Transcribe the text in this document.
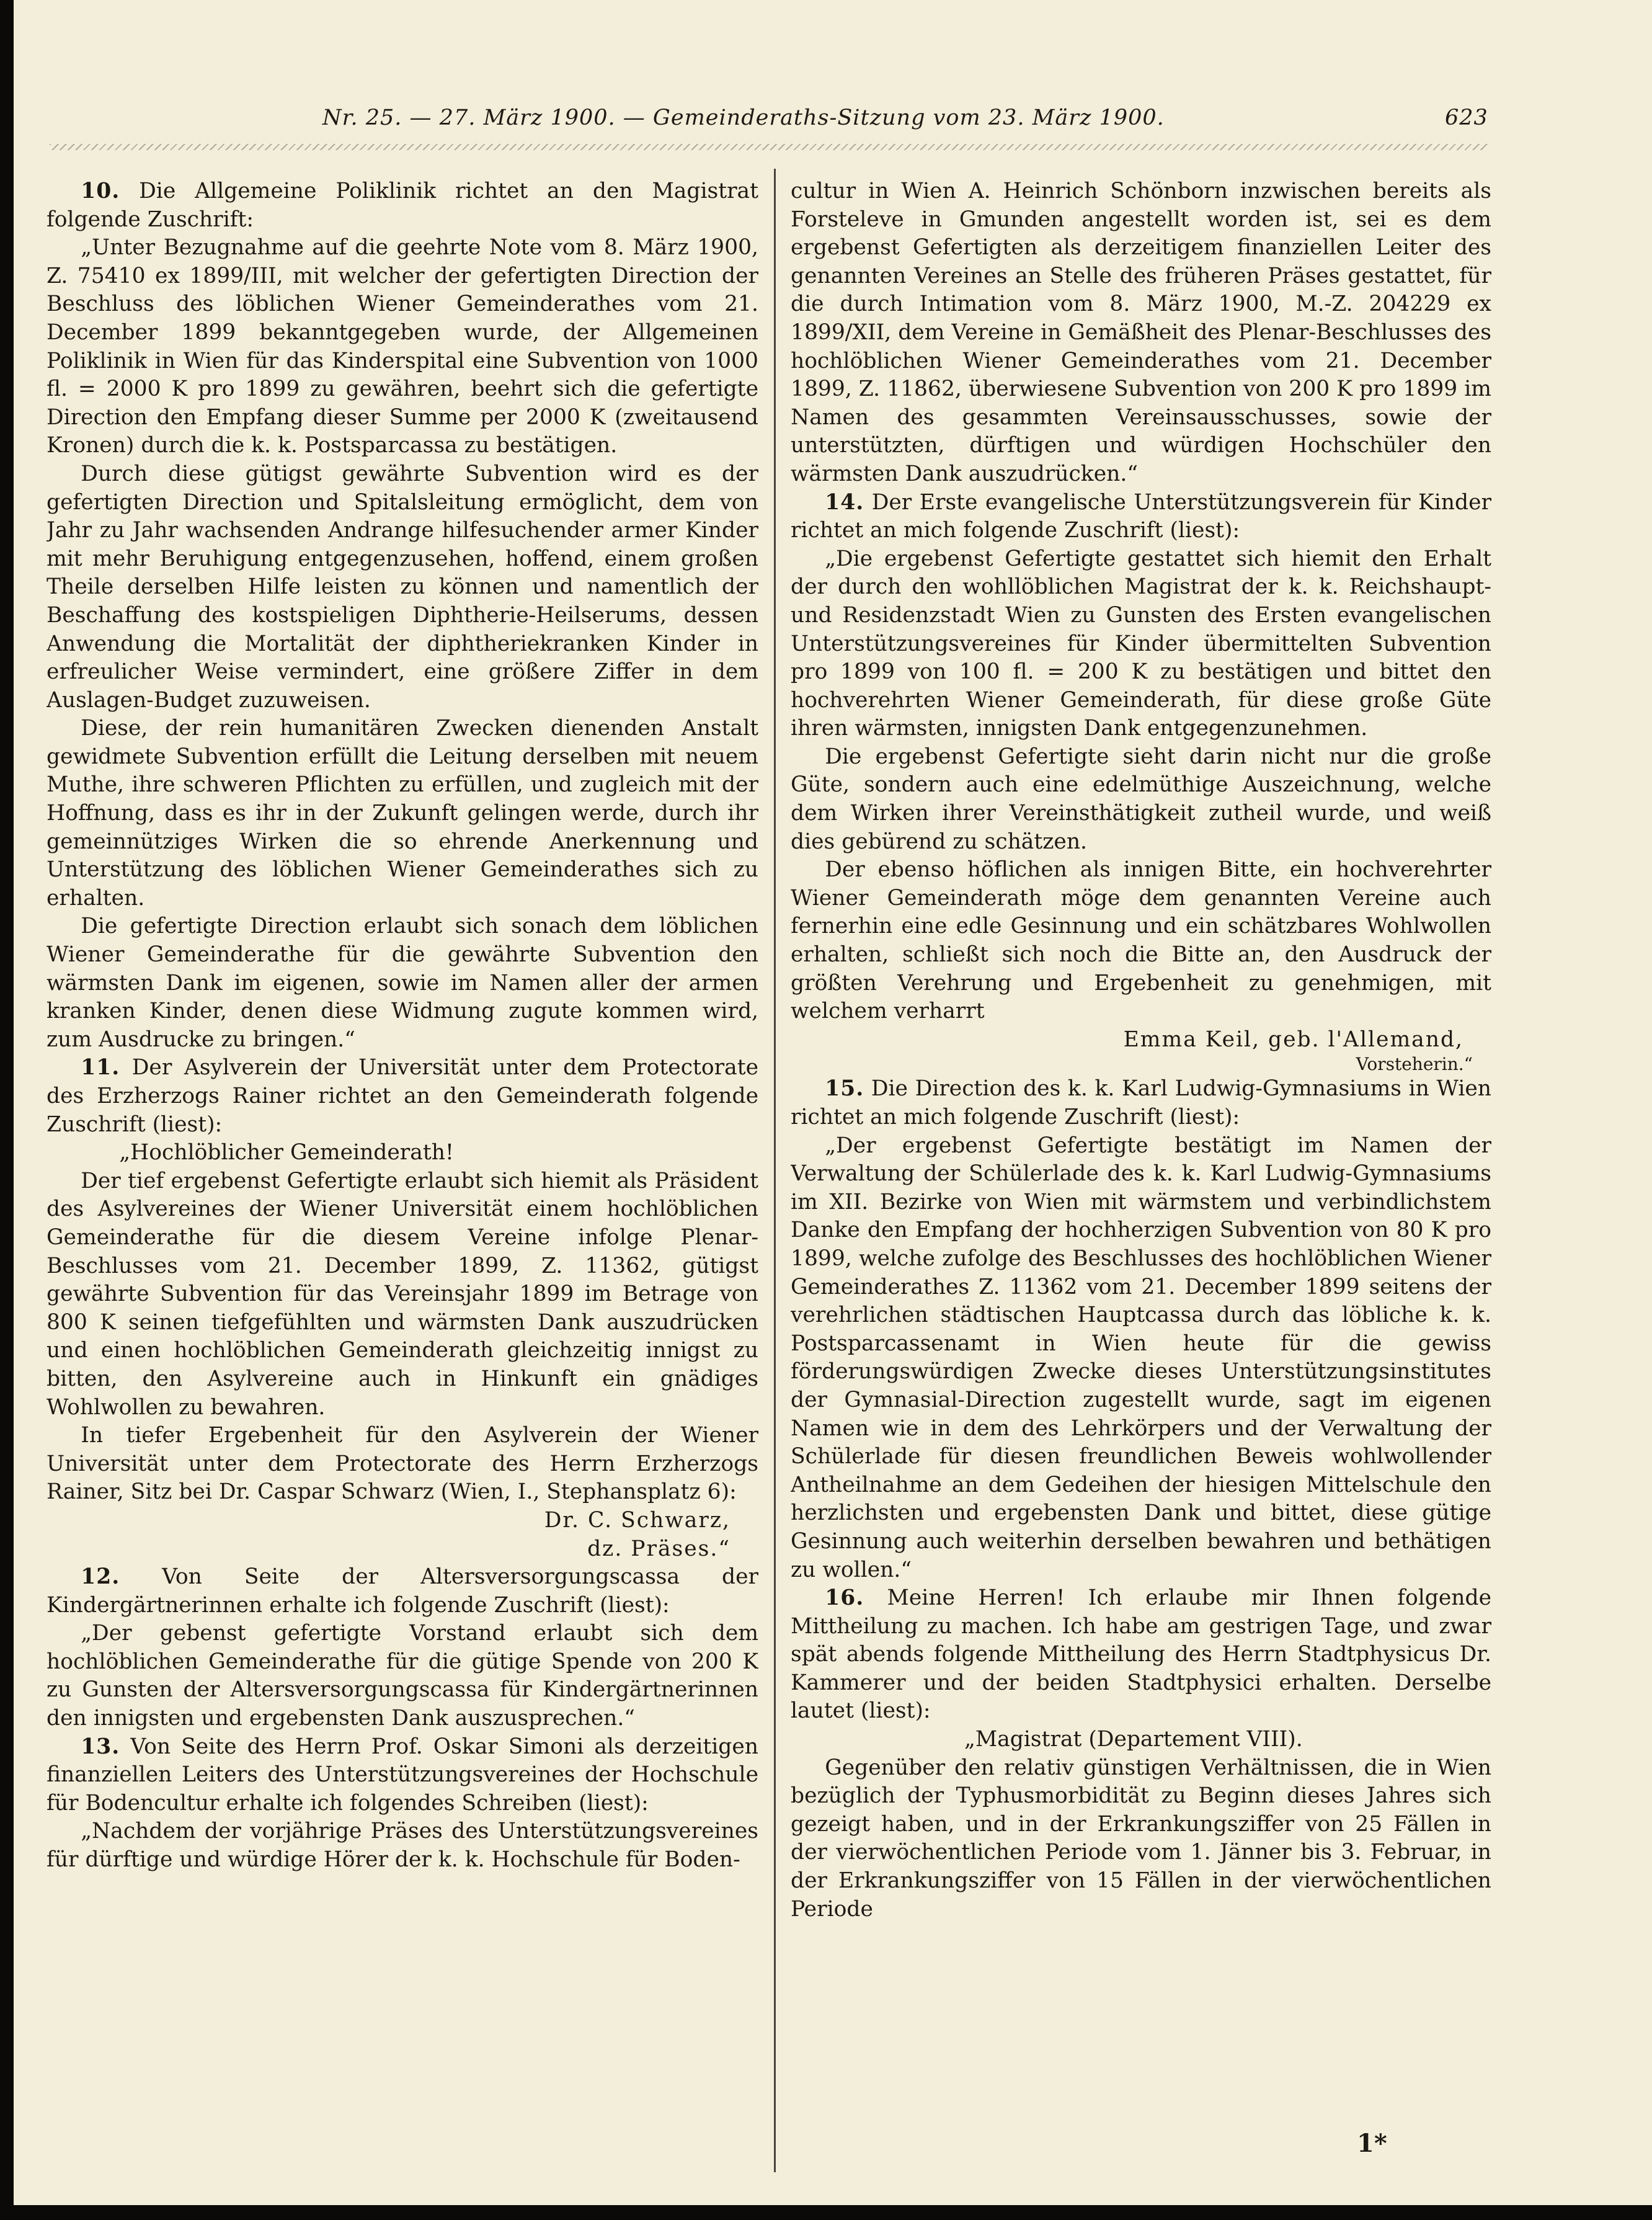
Nr. 25. — 27. März 1900. — Gemeinderaths-Sitzung vom 23. März 1900.	623

10. Die Allgemeine Poliklinik richtet an den Magistrat folgende Zuschrift:

„Unter Bezugnahme auf die geehrte Note vom 8. März 1900, Z. 75410 ex 1899/III, mit welcher der gefertigten Direction der Beschluss des löblichen Wiener Gemeinderathes vom 21. December 1899 bekanntgegeben wurde, der Allgemeinen Poliklinik in Wien für das Kinderspital eine Subvention von 1000 fl. = 2000 K pro 1899 zu gewähren, beehrt sich die gefertigte Direction den Empfang dieser Summe per 2000 K (zweitausend Kronen) durch die k. k. Postsparcassa zu bestätigen.

Durch diese gütigst gewährte Subvention wird es der gefertigten Direction und Spitalsleitung ermöglicht, dem von Jahr zu Jahr wachsenden Andrange hilfesuchender armer Kinder mit mehr Beruhigung entgegenzusehen, hoffend, einem großen Theile derselben Hilfe leisten zu können und namentlich der Beschaffung des kostspieligen Diphtherie-Heilserums, dessen Anwendung die Mortalität der diphtheriekranken Kinder in erfreulicher Weise vermindert, eine größere Ziffer in dem Auslagen-Budget zuzuweisen.

Diese, der rein humanitären Zwecken dienenden Anstalt gewidmete Subvention erfüllt die Leitung derselben mit neuem Muthe, ihre schweren Pflichten zu erfüllen, und zugleich mit der Hoffnung, dass es ihr in der Zukunft gelingen werde, durch ihr gemeinnütziges Wirken die so ehrende Anerkennung und Unterstützung des löblichen Wiener Gemeinderathes sich zu erhalten.

Die gefertigte Direction erlaubt sich sonach dem löblichen Wiener Gemeinderathe für die gewährte Subvention den wärmsten Dank im eigenen, sowie im Namen aller der armen kranken Kinder, denen diese Widmung zugute kommen wird, zum Ausdrucke zu bringen.“

11. Der Asylverein der Universität unter dem Protectorate des Erzherzogs Rainer richtet an den Gemeinderath folgende Zuschrift (liest):

„Hochlöblicher Gemeinderath!

Der tief ergebenst Gefertigte erlaubt sich hiemit als Präsident des Asylvereines der Wiener Universität einem hochlöblichen Gemeinderathe für die diesem Vereine infolge Plenar-Beschlusses vom 21. December 1899, Z. 11362, gütigst gewährte Subvention für das Vereinsjahr 1899 im Betrage von 800 K seinen tiefgefühlten und wärmsten Dank auszudrücken und einen hochlöblichen Gemeinderath gleichzeitig innigst zu bitten, den Asylvereine auch in Hinkunft ein gnädiges Wohlwollen zu bewahren.

In tiefer Ergebenheit für den Asylverein der Wiener Universität unter dem Protectorate des Herrn Erzherzogs Rainer, Sitz bei Dr. Caspar Schwarz (Wien, I., Stephansplatz 6):

Dr. C. Schwarz,

dz. Präses.“

12. Von Seite der Altersversorgungscassa der Kindergärtnerinnen erhalte ich folgende Zuschrift (liest):

„Der gebenst gefertigte Vorstand erlaubt sich dem hochlöblichen Gemeinderathe für die gütige Spende von 200 K zu Gunsten der Altersversorgungscassa für Kindergärtnerinnen den innigsten und ergebensten Dank auszusprechen.“

13. Von Seite des Herrn Prof. Oskar Simoni als derzeitigen finanziellen Leiters des Unterstützungsvereines der Hochschule für Bodencultur erhalte ich folgendes Schreiben (liest):

„Nachdem der vorjährige Präses des Unterstützungsvereines für dürftige und würdige Hörer der k. k. Hochschule für Boden-

cultur in Wien A. Heinrich Schönborn inzwischen bereits als Forsteleve in Gmunden angestellt worden ist, sei es dem ergebenst Gefertigten als derzeitigem finanziellen Leiter des genannten Vereines an Stelle des früheren Präses gestattet, für die durch Intimation vom 8. März 1900, M.-Z. 204229 ex 1899/XII, dem Vereine in Gemäßheit des Plenar-Beschlusses des hochlöblichen Wiener Gemeinderathes vom 21. December 1899, Z. 11862, überwiesene Subvention von 200 K pro 1899 im Namen des gesammten Vereinsausschusses, sowie der unterstützten, dürftigen und würdigen Hochschüler den wärmsten Dank auszudrücken.“

14. Der Erste evangelische Unterstützungsverein für Kinder richtet an mich folgende Zuschrift (liest):

„Die ergebenst Gefertigte gestattet sich hiemit den Erhalt der durch den wohllöblichen Magistrat der k. k. Reichshaupt- und Residenzstadt Wien zu Gunsten des Ersten evangelischen Unterstützungsvereines für Kinder übermittelten Subvention pro 1899 von 100 fl. = 200 K zu bestätigen und bittet den hochverehrten Wiener Gemeinderath, für diese große Güte ihren wärmsten, innigsten Dank entgegenzunehmen.

Die ergebenst Gefertigte sieht darin nicht nur die große Güte, sondern auch eine edelmüthige Auszeichnung, welche dem Wirken ihrer Vereinsthätigkeit zutheil wurde, und weiß dies gebürend zu schätzen.

Der ebenso höflichen als innigen Bitte, ein hochverehrter Wiener Gemeinderath möge dem genannten Vereine auch fernerhin eine edle Gesinnung und ein schätzbares Wohlwollen erhalten, schließt sich noch die Bitte an, den Ausdruck der größten Verehrung und Ergebenheit zu genehmigen, mit welchem verharrt

Emma Keil, geb. l'Allemand,

Vorsteherin.“

15. Die Direction des k. k. Karl Ludwig-Gymnasiums in Wien richtet an mich folgende Zuschrift (liest):

„Der ergebenst Gefertigte bestätigt im Namen der Verwaltung der Schülerlade des k. k. Karl Ludwig-Gymnasiums im XII. Bezirke von Wien mit wärmstem und verbindlichstem Danke den Empfang der hochherzigen Subvention von 80 K pro 1899, welche zufolge des Beschlusses des hochlöblichen Wiener Gemeinderathes Z. 11362 vom 21. December 1899 seitens der verehrlichen städtischen Hauptcassa durch das löbliche k. k. Postsparcassenamt in Wien heute für die gewiss förderungswürdigen Zwecke dieses Unterstützungsinstitutes der Gymnasial-Direction zugestellt wurde, sagt im eigenen Namen wie in dem des Lehrkörpers und der Verwaltung der Schülerlade für diesen freundlichen Beweis wohlwollender Antheilnahme an dem Gedeihen der hiesigen Mittelschule den herzlichsten und ergebensten Dank und bittet, diese gütige Gesinnung auch weiterhin derselben bewahren und bethätigen zu wollen.“

16. Meine Herren! Ich erlaube mir Ihnen folgende Mittheilung zu machen. Ich habe am gestrigen Tage, und zwar spät abends folgende Mittheilung des Herrn Stadtphysicus Dr. Kammerer und der beiden Stadtphysici erhalten. Derselbe lautet (liest):

„Magistrat (Departement VIII).

Gegenüber den relativ günstigen Verhältnissen, die in Wien bezüglich der Typhusmorbidität zu Beginn dieses Jahres sich gezeigt haben, und in der Erkrankungsziffer von 25 Fällen in der vierwöchentlichen Periode vom 1. Jänner bis 3. Februar, in der Erkrankungsziffer von 15 Fällen in der vierwöchentlichen Periode

1*
